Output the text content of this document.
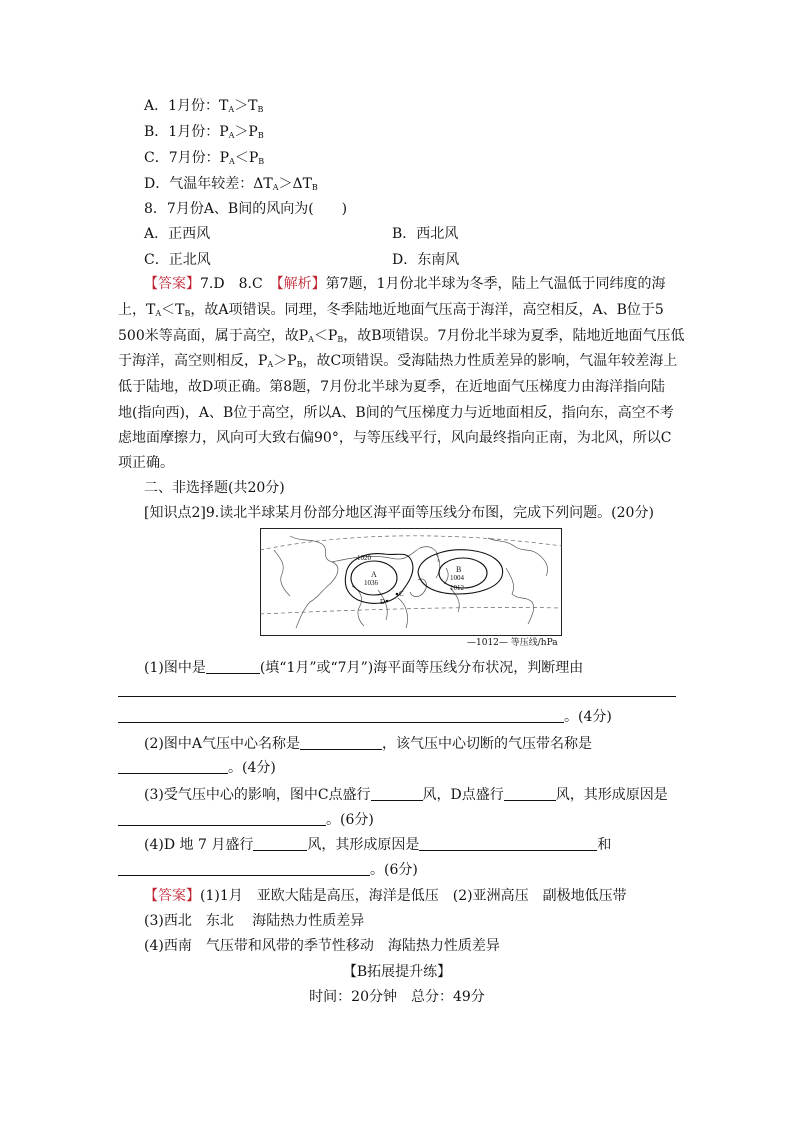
A．1月份：$T_A>T_B$
B．1月份：$P_A>P_B$
C．7月份：$P_A<P_B$
D．气温年较差：$\Delta T_A>\Delta T_B$
8．7月份A、B间的风向为(　　)
A．正西风	B．西北风
C．正北风	D．东南风
【答案】7.D　8.C　【解析】第7题，1月份北半球为冬季，陆上气温低于同纬度的海
上，$T_A<T_B$，故A项错误。同理，冬季陆地近地面气压高于海洋，高空相反，A、B位于5
500米等高面，属于高空，故$P_A<P_B$，故B项错误。7月份北半球为夏季，陆地近地面气压低
于海洋，高空则相反，$P_A>P_B$，故C项错误。受海陆热力性质差异的影响，气温年较差海上
低于陆地，故D项正确。第8题，7月份北半球为夏季，在近地面气压梯度力由海洋指向陆
地(指向西)，A、B位于高空，所以A、B间的气压梯度力与近地面相反，指向东，高空不考
虑地面摩擦力，风向可大致右偏90°，与等压线平行，风向最终指向正南，为北风，所以C
项正确。
二、非选择题(共20分)
[知识点2]9.读北半球某月份部分地区海平面等压线分布图，完成下列问题。(20分)
1020
A
1036
B
1004
1012
C
D
—1012— 等压线/hPa
(1)图中是	(填“1月”或“7月”)海平面等压线分布状况，判断理由
。(4分)
(2)图中A气压中心名称是	，该气压中心切断的气压带名称是
。(4分)
(3)受气压中心的影响，图中C点盛行	风，D点盛行	风，其形成原因是
。(6分)
(4)D 地 7 月盛行	风，其形成原因是	和
。(6分)
【答案】(1)1月　亚欧大陆是高压，海洋是低压　(2)亚洲高压　副极地低压带
(3)西北　东北　 海陆热力性质差异
(4)西南　气压带和风带的季节性移动　海陆热力性质差异
【B拓展提升练】
时间：20分钟　总分：49分
